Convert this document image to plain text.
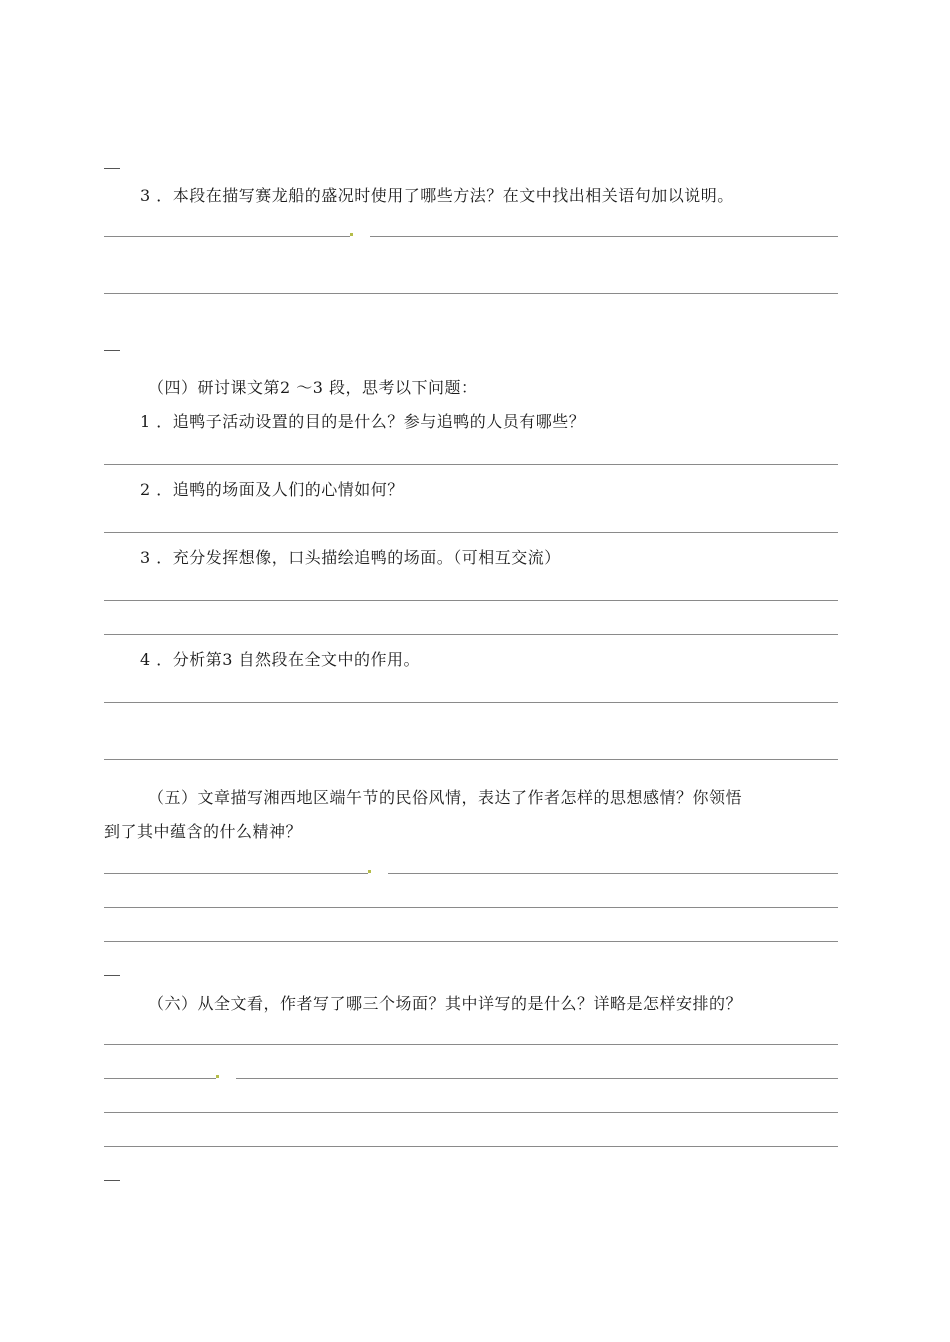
3 ．本段在描写赛龙船的盛况时使用了哪些方法？在文中找出相关语句加以说明。
（四）研讨课文第2 ～3 段，思考以下问题：
1 ．追鸭子活动设置的目的是什么？参与追鸭的人员有哪些？
2 ．追鸭的场面及人们的心情如何？
3 ．充分发挥想像，口头描绘追鸭的场面。（可相互交流）
4 ．分析第3 自然段在全文中的作用。
（五）文章描写湘西地区端午节的民俗风情，表达了作者怎样的思想感情？你领悟
到了其中蕴含的什么精神？
（六）从全文看，作者写了哪三个场面？其中详写的是什么？详略是怎样安排的？
